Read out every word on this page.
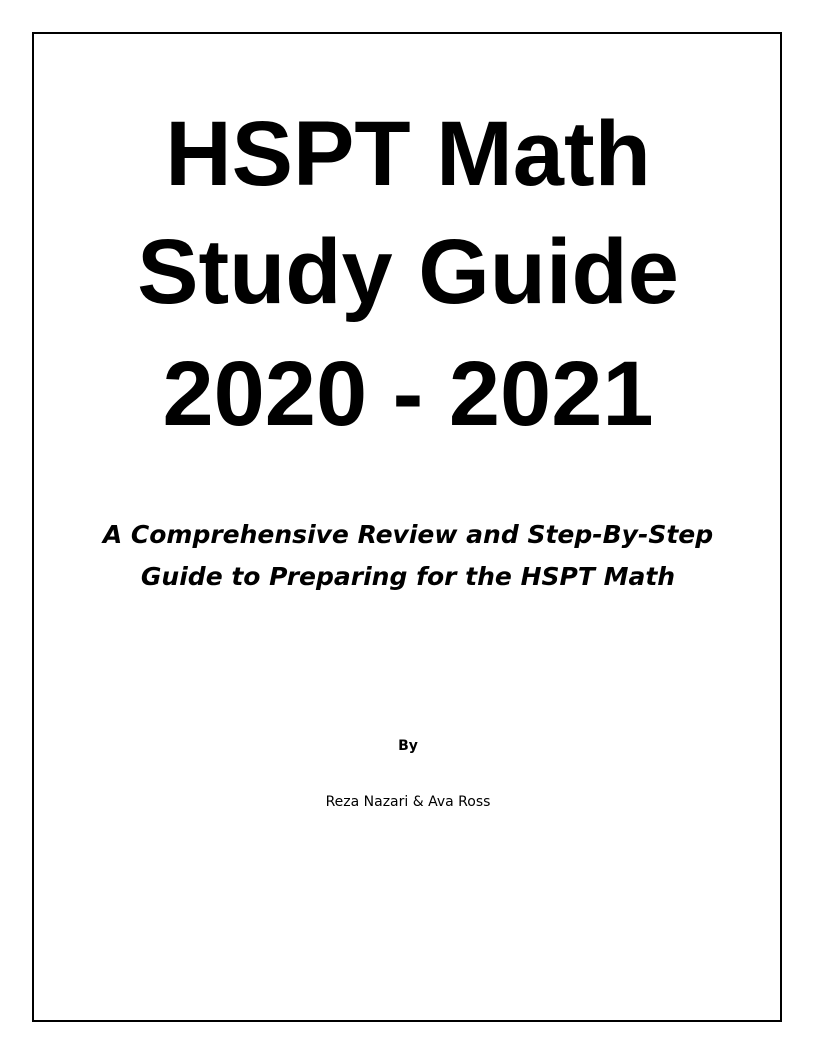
HSPT Math
Study Guide
2020 - 2021
A Comprehensive Review and Step-By-Step
Guide to Preparing for the HSPT Math
By
Reza Nazari & Ava Ross
